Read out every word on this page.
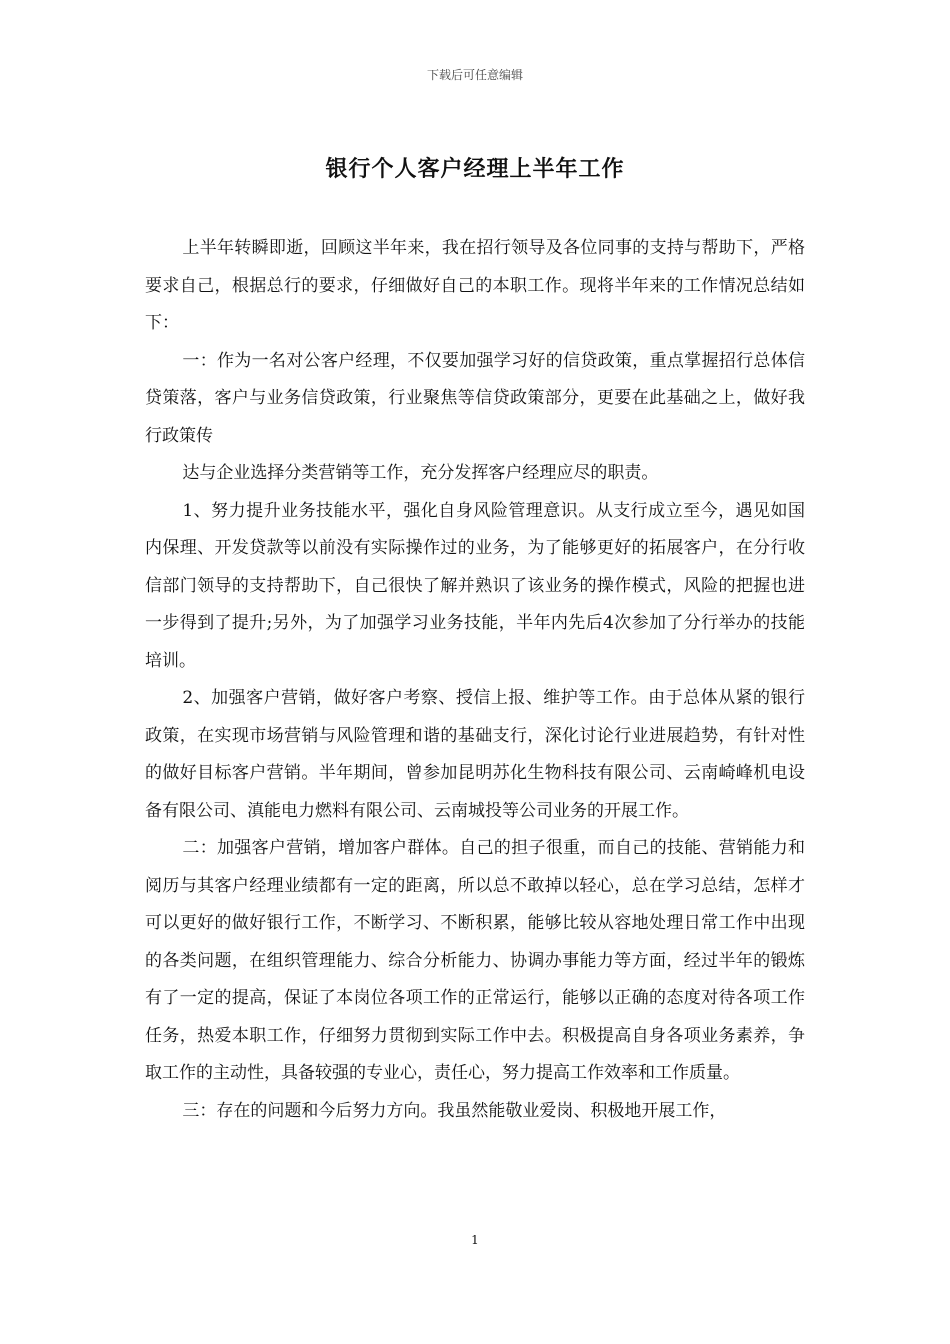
下载后可任意编辑
银行个人客户经理上半年工作

上半年转瞬即逝，回顾这半年来，我在招行领导及各位同事的支持与帮助下，严格要求自己，根据总行的要求，仔细做好自己的本职工作。现将半年来的工作情况总结如下：

一：作为一名对公客户经理，不仅要加强学习好的信贷政策，重点掌握招行总体信贷策落，客户与业务信贷政策，行业聚焦等信贷政策部分，更要在此基础之上，做好我行政策传

达与企业选择分类营销等工作，充分发挥客户经理应尽的职责。

1、努力提升业务技能水平，强化自身风险管理意识。从支行成立至今，遇见如国内保理、开发贷款等以前没有实际操作过的业务，为了能够更好的拓展客户，在分行收信部门领导的支持帮助下，自己很快了解并熟识了该业务的操作模式，风险的把握也进一步得到了提升;另外，为了加强学习业务技能，半年内先后4次参加了分行举办的技能培训。

2、加强客户营销，做好客户考察、授信上报、维护等工作。由于总体从紧的银行政策，在实现市场营销与风险管理和谐的基础支行，深化讨论行业进展趋势，有针对性的做好目标客户营销。半年期间，曾参加昆明苏化生物科技有限公司、云南崎峰机电设备有限公司、滇能电力燃料有限公司、云南城投等公司业务的开展工作。

二：加强客户营销，增加客户群体。自己的担子很重，而自己的技能、营销能力和阅历与其客户经理业绩都有一定的距离，所以总不敢掉以轻心，总在学习总结，怎样才可以更好的做好银行工作，不断学习、不断积累，能够比较从容地处理日常工作中出现的各类问题，在组织管理能力、综合分析能力、协调办事能力等方面，经过半年的锻炼有了一定的提高，保证了本岗位各项工作的正常运行，能够以正确的态度对待各项工作任务，热爱本职工作，仔细努力贯彻到实际工作中去。积极提高自身各项业务素养，争取工作的主动性，具备较强的专业心，责任心，努力提高工作效率和工作质量。

三：存在的问题和今后努力方向。我虽然能敬业爱岗、积极地开展工作，

1
